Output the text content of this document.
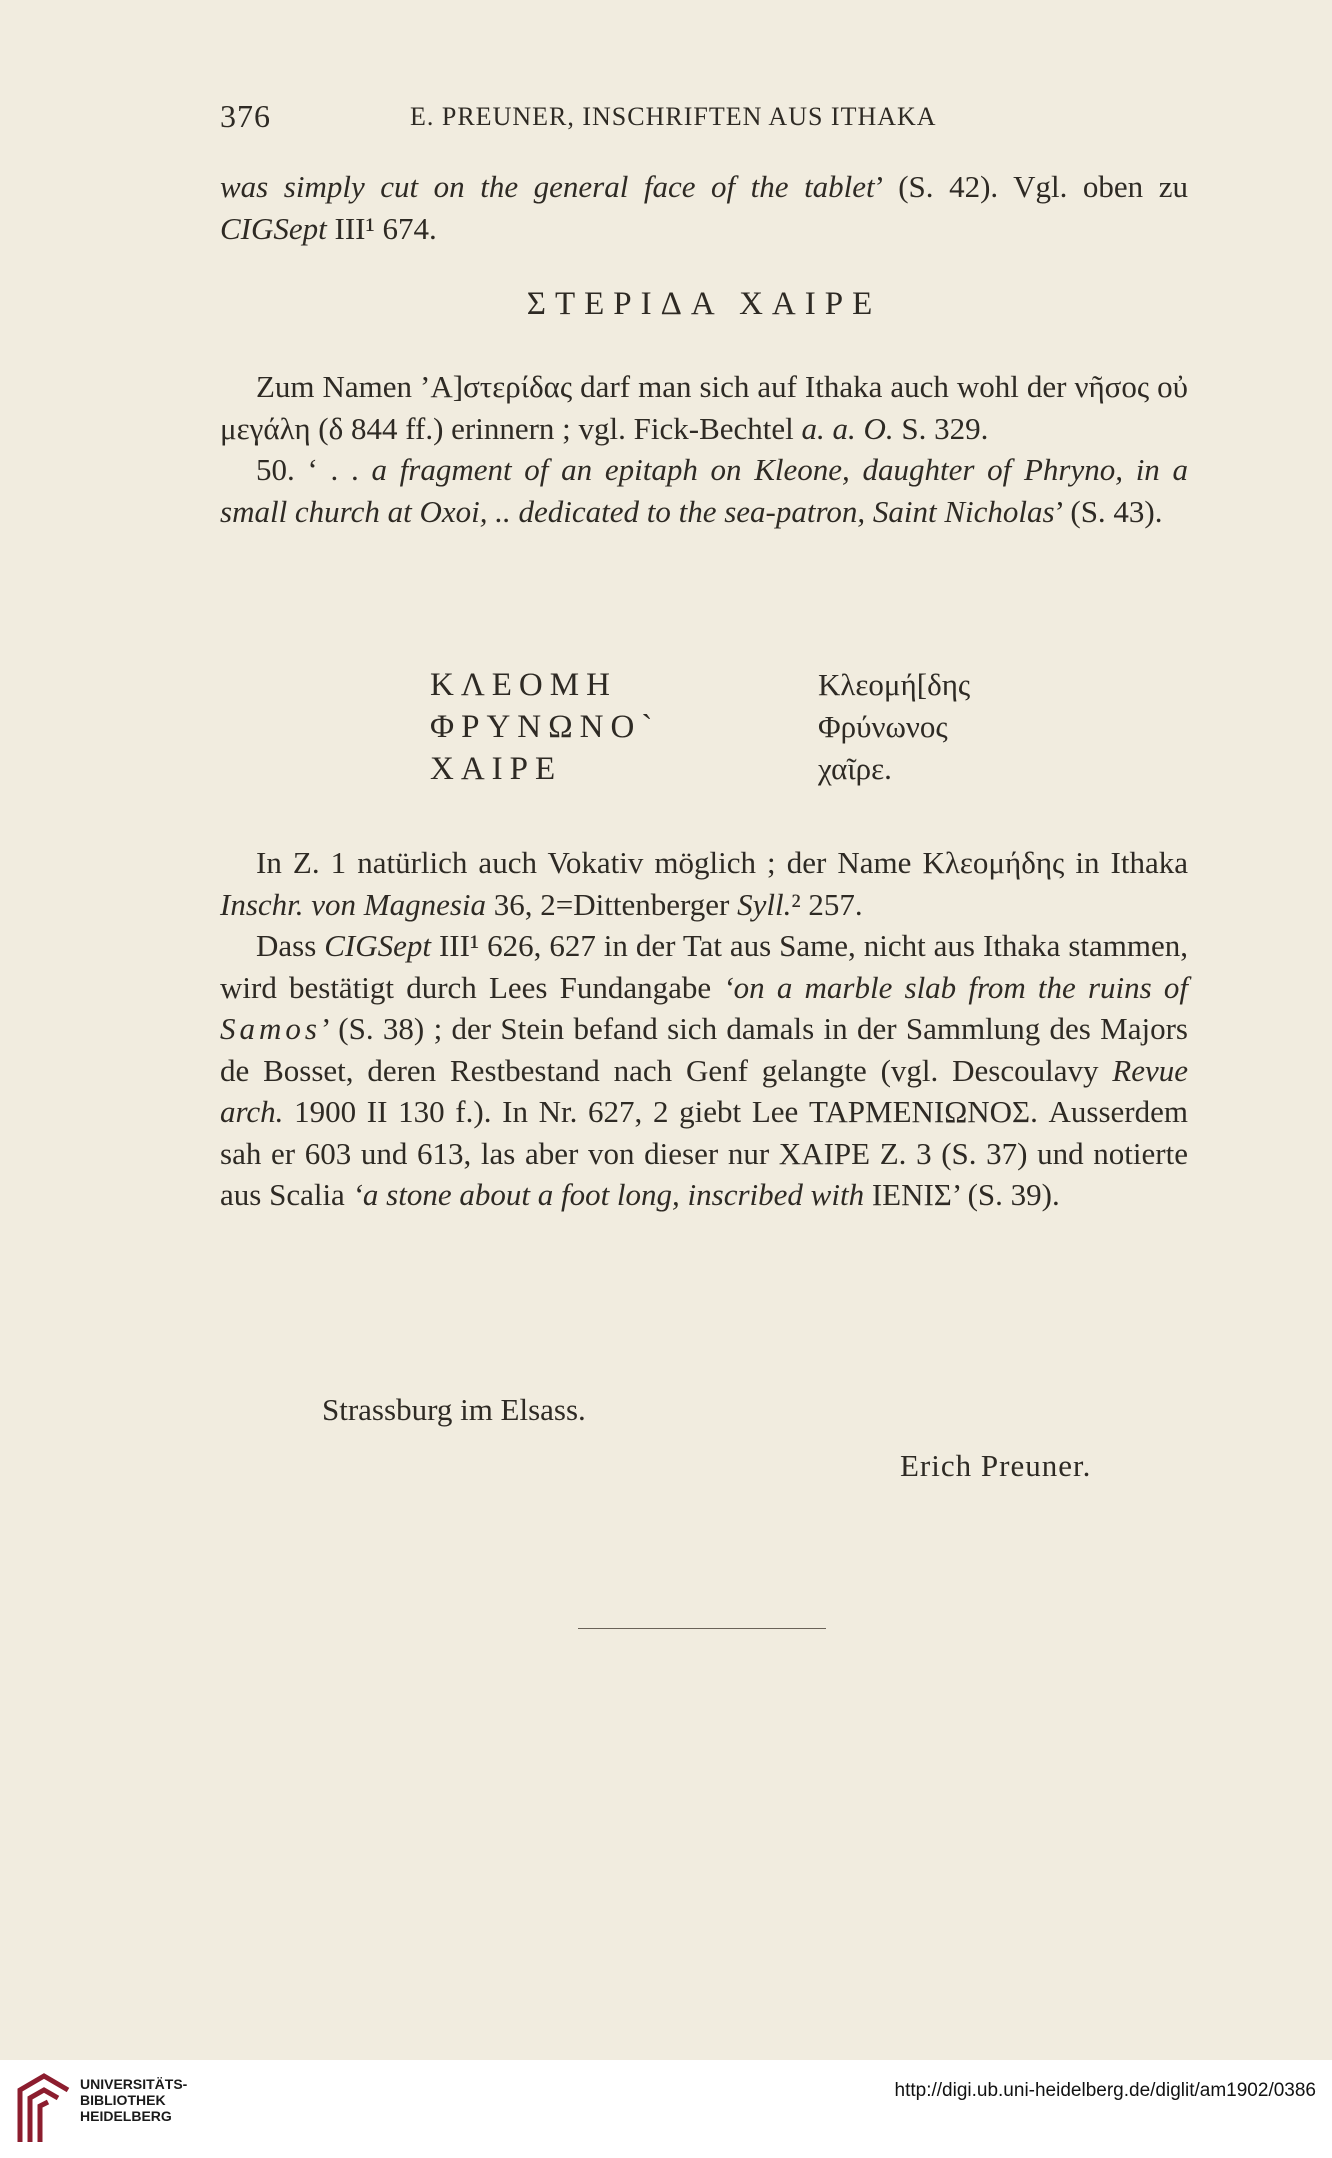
376	E. PREUNER, INSCHRIFTEN AUS ITHAKA

was simply cut on the general face of the tablet’ (S. 42). Vgl. oben zu CIGSept III¹ 674.

ΣΤΕΡΙΔΑ ΧΑΙΡΕ

Zum Namen ’Α]στερίδας darf man sich auf Ithaka auch wohl der νῆσος οὐ μεγάλη (δ 844 ff.) erinnern ; vgl. Fick-Bechtel a. a. O. S. 329.

50. ‘ . . a fragment of an epitaph on Kleone, daughter of Phryno, in a small church at Oxoi, .. dedicated to the sea-patron, Saint Nicholas’ (S. 43).

ΚΛΕΟΜΗ
ΦΡΥΝΩΝΟ`
ΧΑΙΡΕ
Κλεομή[δης
Φρύνωνος
χαῖρε.

In Z. 1 natürlich auch Vokativ möglich ; der Name Κλεομήδης in Ithaka Inschr. von Magnesia 36, 2=Dittenberger Syll.² 257.

Dass CIGSept III¹ 626, 627 in der Tat aus Same, nicht aus Ithaka stammen, wird bestätigt durch Lees Fundangabe ‘on a marble slab from the ruins of Samos’ (S. 38) ; der Stein befand sich damals in der Sammlung des Majors de Bosset, deren Restbestand nach Genf gelangte (vgl. Descoulavy Revue arch. 1900 II 130 f.). In Nr. 627, 2 giebt Lee ΤΑΡΜΕΝΙΩΝΟΣ. Ausserdem sah er 603 und 613, las aber von dieser nur ΧΑΙΡΕ Z. 3 (S. 37) und notierte aus Scalia ‘a stone about a foot long, inscribed with ΙΕΝΙΣ’ (S. 39).

Strassburg im Elsass.
Erich Preuner.
UNIVERSITÄTS-
BIBLIOTHEK
HEIDELBERG
http://digi.ub.uni-heidelberg.de/diglit/am1902/0386
